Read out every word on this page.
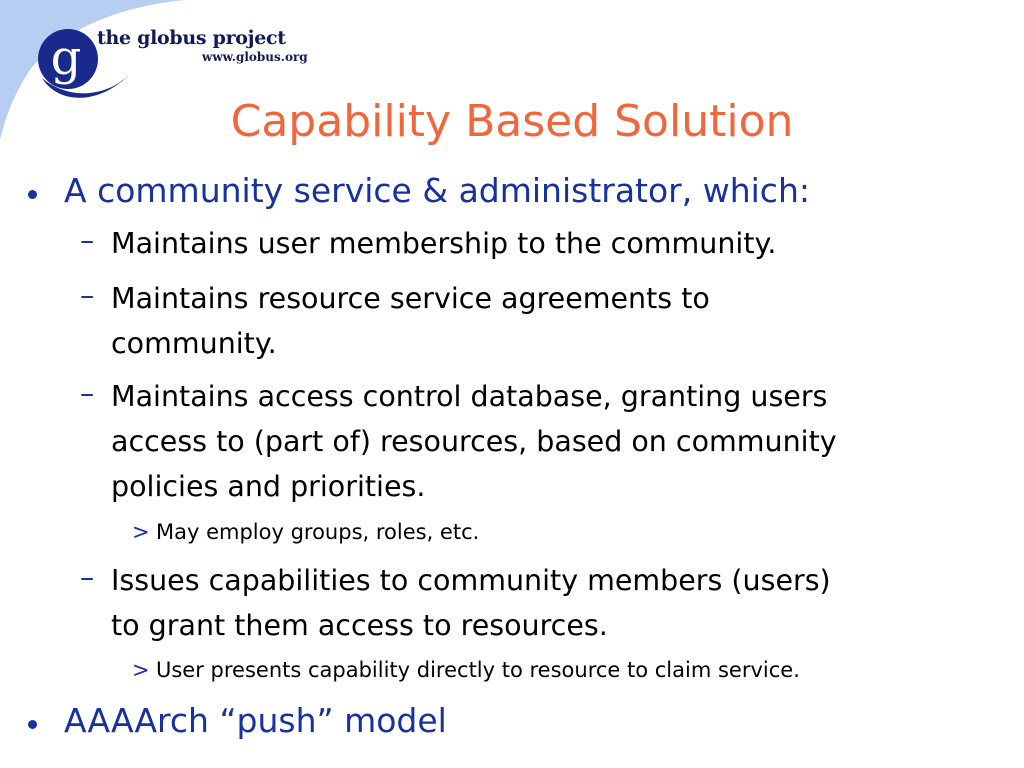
g the globus project
www.globus.org
Capability Based Solution
A community service & administrator, which:
– Maintains user membership to the community.
– Maintains resource service agreements to
community.
– Maintains access control database, granting users
access to (part of) resources, based on community
policies and priorities.
> May employ groups, roles, etc.
– Issues capabilities to community members (users)
to grant them access to resources.
> User presents capability directly to resource to claim service.
AAAArch “push” model
